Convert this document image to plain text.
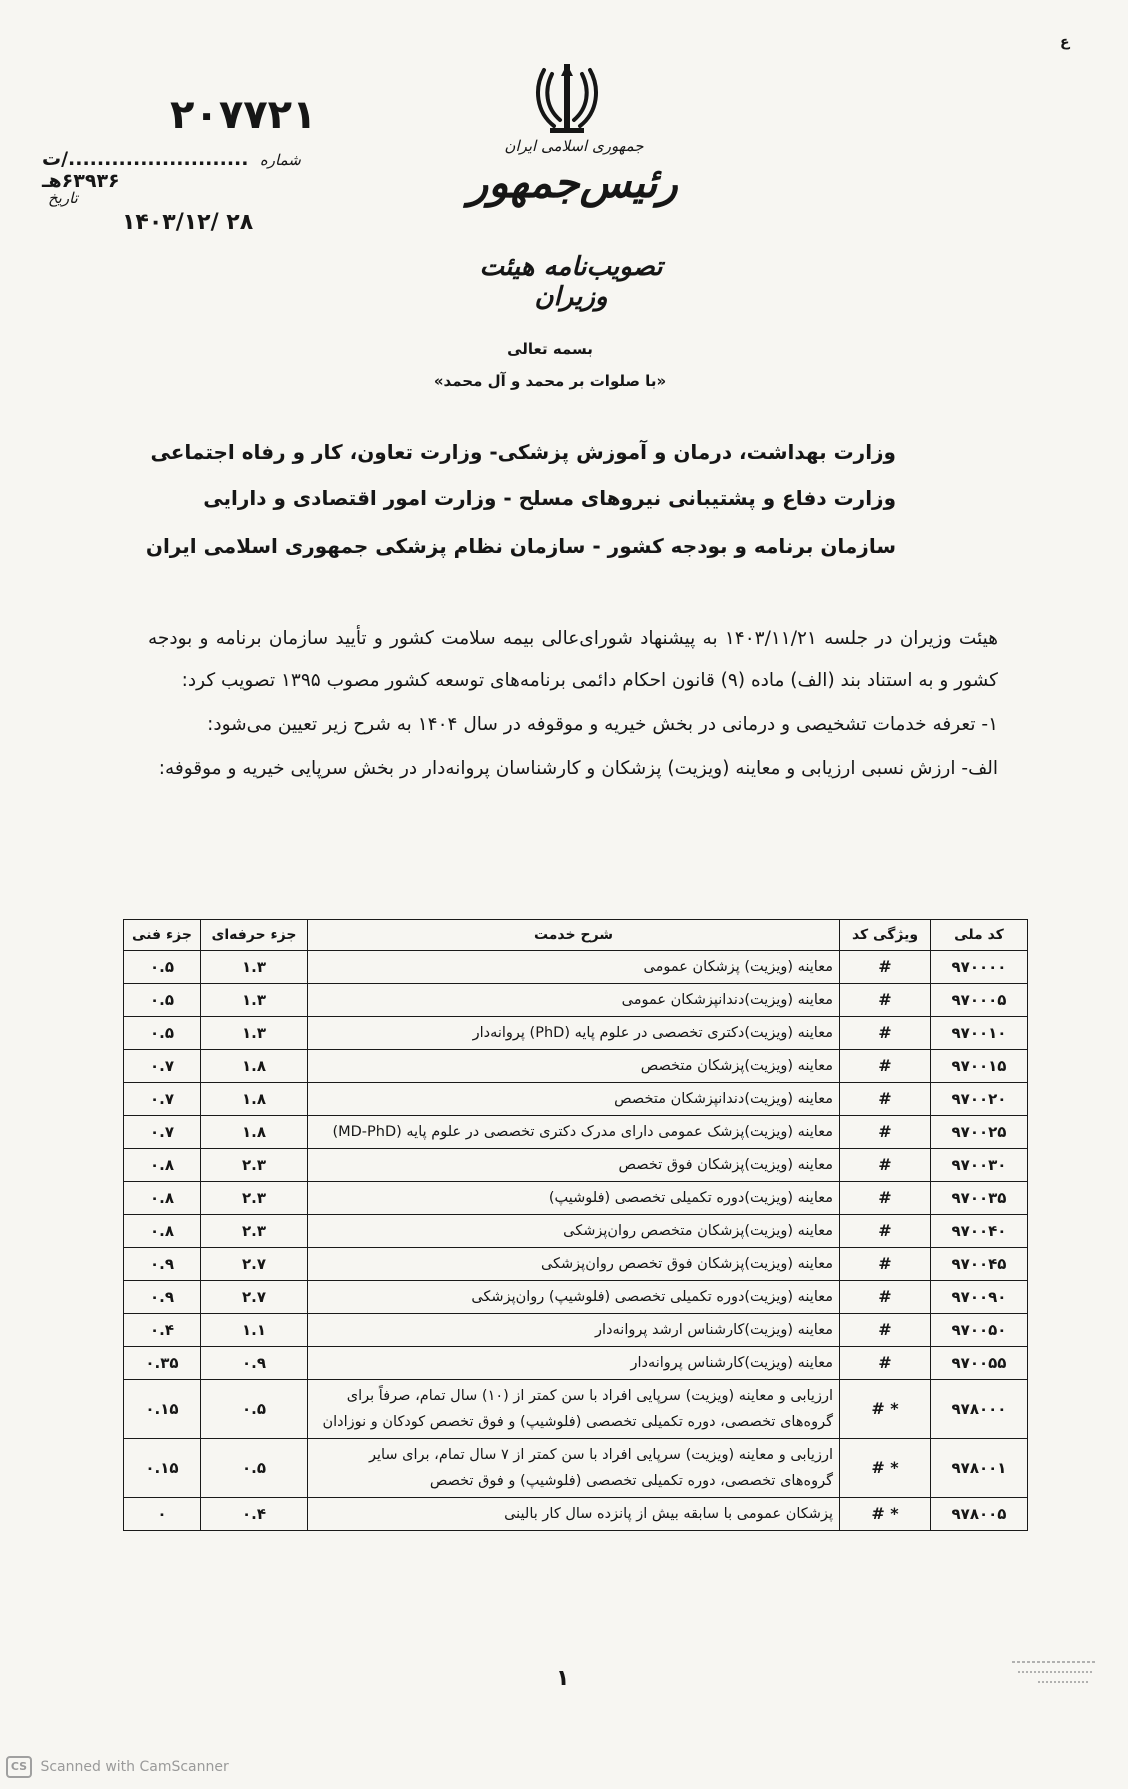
ع
۲۰۷۷۲۱
شماره ........................./ت ۶۳۹۳۶هـ
تاریخ
۱۴۰۳/۱۲/ ۲۸
جمهوری اسلامی ایران
رئیس‌جمهور
تصویب‌نامه هیئت وزیران
بسمه تعالی
«با صلوات بر محمد و آل محمد»
وزارت بهداشت، درمان و آموزش پزشکی- وزارت تعاون، کار و رفاه اجتماعی
وزارت دفاع و پشتیبانی نیروهای مسلح - وزارت امور اقتصادی و دارایی
سازمان برنامه و بودجه کشور - سازمان نظام پزشکی جمهوری اسلامی ایران

هیئت وزیران در جلسه ۱۴۰۳/۱۱/۲۱ به پیشنهاد شورای‌عالی بیمه سلامت کشور و تأیید سازمان برنامه و بودجه کشور و به استناد بند (الف) ماده (۹) قانون احکام دائمی برنامه‌های توسعه کشور مصوب ۱۳۹۵ تصویب کرد:

۱- تعرفه خدمات تشخیصی و درمانی در بخش خیریه و موقوفه در سال ۱۴۰۴ به شرح زیر تعیین می‌شود:

الف- ارزش نسبی ارزیابی و معاینه (ویزیت) پزشکان و کارشناسان پروانه‌دار در بخش سرپایی خیریه و موقوفه:

کد ملی	ویژگی کد	شرح خدمت	جزء حرفه‌ای	جزء فنی
۹۷۰۰۰۰	#	معاینه (ویزیت) پزشکان عمومی	۱.۳	۰.۵
۹۷۰۰۰۵	#	معاینه (ویزیت)دندانپزشکان عمومی	۱.۳	۰.۵
۹۷۰۰۱۰	#	معاینه (ویزیت)دکتری تخصصی در علوم پایه (PhD) پروانه‌دار	۱.۳	۰.۵
۹۷۰۰۱۵	#	معاینه (ویزیت)پزشکان متخصص	۱.۸	۰.۷
۹۷۰۰۲۰	#	معاینه (ویزیت)دندانپزشکان متخصص	۱.۸	۰.۷
۹۷۰۰۲۵	#	معاینه (ویزیت)پزشک عمومی دارای مدرک دکتری تخصصی در علوم پایه (MD-PhD)	۱.۸	۰.۷
۹۷۰۰۳۰	#	معاینه (ویزیت)پزشکان فوق تخصص	۲.۳	۰.۸
۹۷۰۰۳۵	#	معاینه (ویزیت)دوره تکمیلی تخصصی (فلوشیپ)	۲.۳	۰.۸
۹۷۰۰۴۰	#	معاینه (ویزیت)پزشکان متخصص روان‌پزشکی	۲.۳	۰.۸
۹۷۰۰۴۵	#	معاینه (ویزیت)پزشکان فوق تخصص روان‌پزشکی	۲.۷	۰.۹
۹۷۰۰۹۰	#	معاینه (ویزیت)دوره تکمیلی تخصصی (فلوشیپ) روان‌پزشکی	۲.۷	۰.۹
۹۷۰۰۵۰	#	معاینه (ویزیت)کارشناس ارشد پروانه‌دار	۱.۱	۰.۴
۹۷۰۰۵۵	#	معاینه (ویزیت)کارشناس پروانه‌دار	۰.۹	۰.۳۵
۹۷۸۰۰۰	* #	ارزیابی و معاینه (ویزیت) سرپایی افراد با سن کمتر از (۱۰) سال تمام، صرفاً برای گروه‌های تخصصی، دوره تکمیلی تخصصی (فلوشیپ) و فوق تخصص کودکان و نوزادان	۰.۵	۰.۱۵
۹۷۸۰۰۱	* #	ارزیابی و معاینه (ویزیت) سرپایی افراد با سن کمتر از ۷ سال تمام، برای سایر گروه‌های تخصصی، دوره تکمیلی تخصصی (فلوشیپ) و فوق تخصص	۰.۵	۰.۱۵
۹۷۸۰۰۵	* #	پزشکان عمومی با سابقه بیش از پانزده سال کار بالینی	۰.۴	۰
۱
CS Scanned with CamScanner
